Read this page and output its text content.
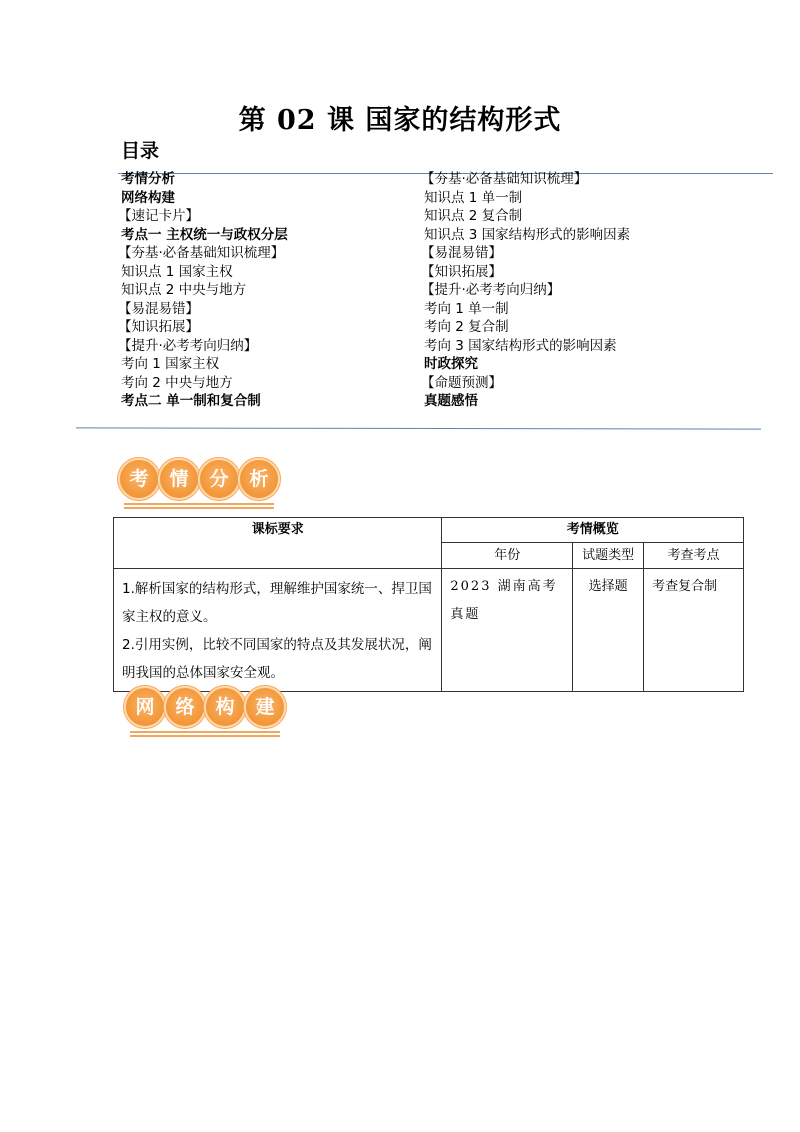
第 02 课 国家的结构形式
目录
考情分析
网络构建
【速记卡片】
考点一 主权统一与政权分层
【夯基·必备基础知识梳理】
知识点 1 国家主权
知识点 2 中央与地方
【易混易错】
【知识拓展】
【提升·必考考向归纳】
考向 1 国家主权
考向 2 中央与地方
考点二 单一制和复合制
【夯基·必备基础知识梳理】
知识点 1 单一制
知识点 2 复合制
知识点 3 国家结构形式的影响因素
【易混易错】
【知识拓展】
【提升·必考考向归纳】
考向 1 单一制
考向 2 复合制
考向 3 国家结构形式的影响因素
时政探究
【命题预测】
真题感悟
考	情	分	析
课标要求	考情概览		
	年份	试题类型	考查考点

1.解析国家的结构形式，理解维护国家统一、捍卫国家主权的意义。
2.引用实例，比较不同国家的特点及其发展状况，阐明我国的总体国家安全观。	2023 湖南高考真题	选择题	考查复合制
网	络	构	建
